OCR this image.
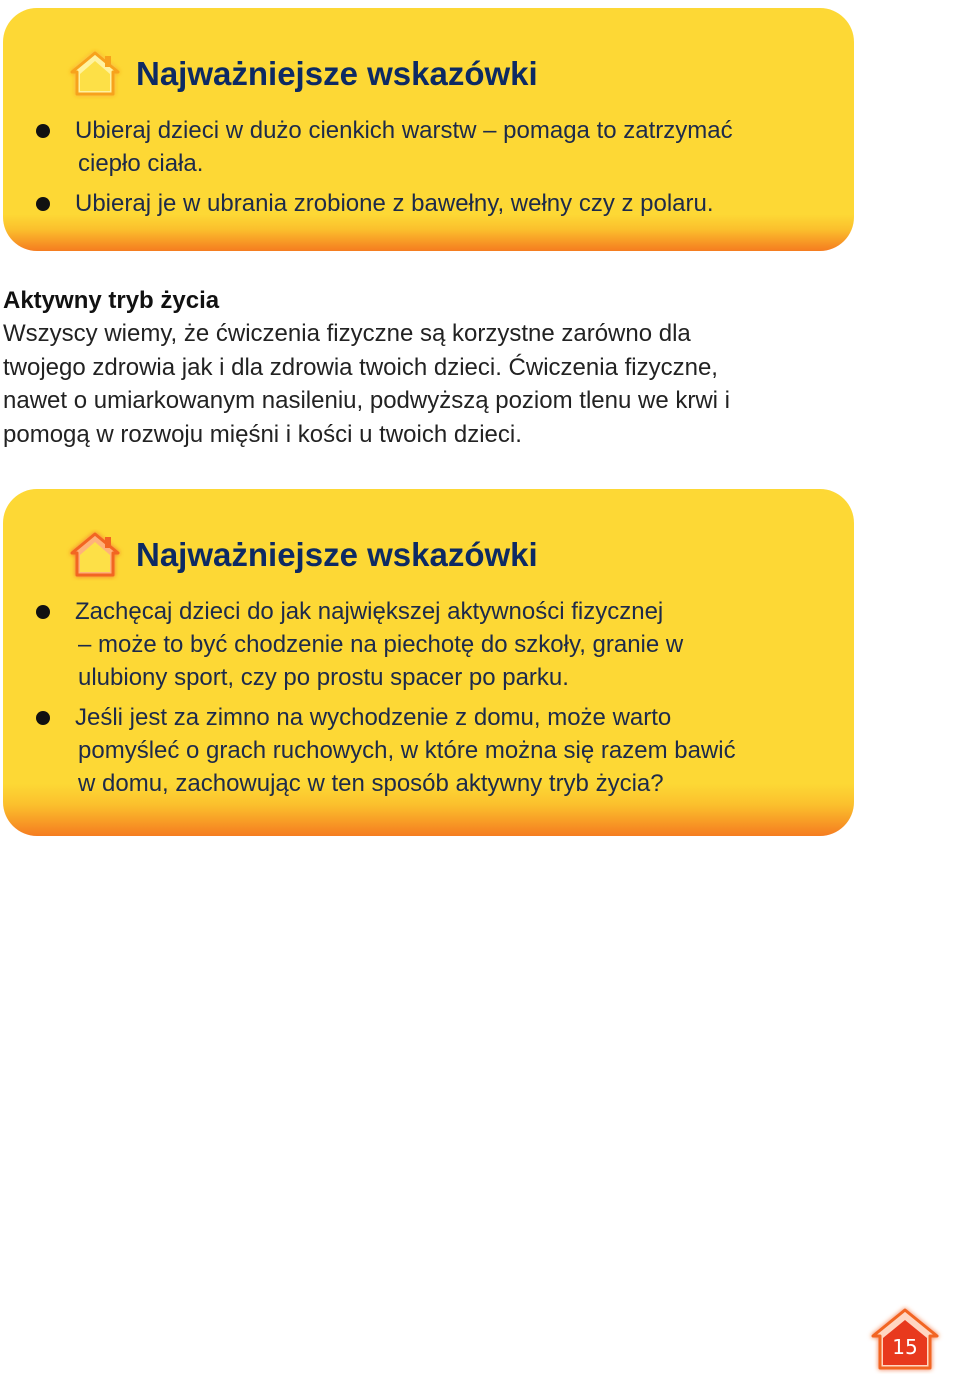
Najważniejsze wskazówki
Ubieraj dzieci w dużo cienkich warstw – pomaga to zatrzymać
ciepło ciała.
Ubieraj je w ubrania zrobione z bawełny, wełny czy z polaru.

Aktywny tryb życia

Wszyscy wiemy, że ćwiczenia fizyczne są korzystne zarówno dla
twojego zdrowia jak i dla zdrowia twoich dzieci. Ćwiczenia fizyczne,
nawet o umiarkowanym nasileniu, podwyższą poziom tlenu we krwi i
pomogą w rozwoju mięśni i kości u twoich dzieci.

Najważniejsze wskazówki
Zachęcaj dzieci do jak największej aktywności fizycznej
– może to być chodzenie na piechotę do szkoły, granie w
ulubiony sport, czy po prostu spacer po parku.
Jeśli jest za zimno na wychodzenie z domu, może warto
pomyśleć o grach ruchowych, w które można się razem bawić
w domu, zachowując w ten sposób aktywny tryb życia?
15
